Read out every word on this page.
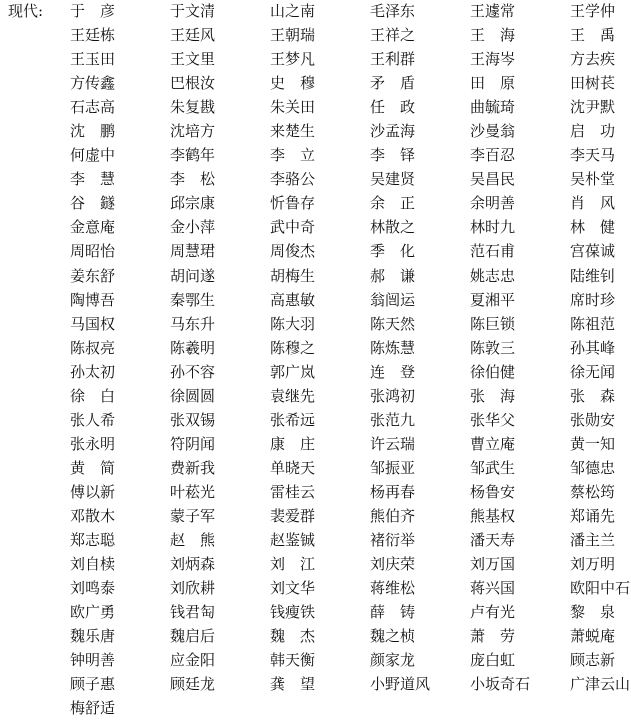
现代: 于　彦	于文清	山之南	毛泽东	王遽常	王学仲
王廷栋	王廷风	王朝瑞	王祥之	王　海	王　禹
王玉田	王文里	王梦凡	王利群	王海岑	方去疾
方传鑫	巴根汝	史　穆	矛　盾	田　原	田树苌
石志高	朱复戡	朱关田	任　政	曲毓琦	沈尹默
沈　鹏	沈培方	来楚生	沙孟海	沙曼翁	启　功
何虚中	李鹤年	李　立	李　铎	李百忍	李天马
李　慧	李　松	李骆公	吴建贤	吴昌民	吴朴堂
谷　鐩	邱宗康	忻鲁存	余　正	余明善	肖　风
金意庵	金小萍	武中奇	林散之	林时九	林　健
周昭怡	周慧珺	周俊杰	季　化	范石甫	宫葆诚
姜东舒	胡问遂	胡梅生	郝　谦	姚志忠	陆维钊
陶博吾	秦鄂生	高惠敏	翁闿运	夏湘平	席时珍
马国权	马东升	陈大羽	陈天然	陈巨锁	陈祖范
陈叔亮	陈羲明	陈穆之	陈炼慧	陈敦三	孙其峰
孙太初	孙不容	郭广岚	连　登	徐伯健	徐无闻
徐　白	徐圆圆	袁继先	张鸿初	张　海	张　森
张人希	张双锡	张希远	张范九	张华父	张勋安
张永明	符阴闻	康　庄	许云瑞	曹立庵	黄一知
黄　简	费新我	单晓天	邹振亚	邹武生	邹德忠
傅以新	叶菘光	雷桂云	杨再春	杨鲁安	蔡松筠
邓散木	蒙子军	裴爱群	熊伯齐	熊基权	郑诵先
郑志聪	赵　熊	赵鉴铖	褚衍举	潘天寿	潘主兰
刘自椟	刘炳森	刘　江	刘庆荣	刘万国	刘万明
刘鸣泰	刘欣耕	刘文华	蒋维松	蒋兴国	欧阳中石
欧广勇	钱君匋	钱瘦铁	薛　铸	卢有光	黎　泉
魏乐唐	魏启后	魏　杰	魏之桢	萧　劳	萧蜕庵
钟明善	应金阳	韩天衡	颜家龙	庞白虹	顾志新
顾子惠	顾廷龙	龚　望	小野道风	小坂奇石	广津云山
梅舒适
